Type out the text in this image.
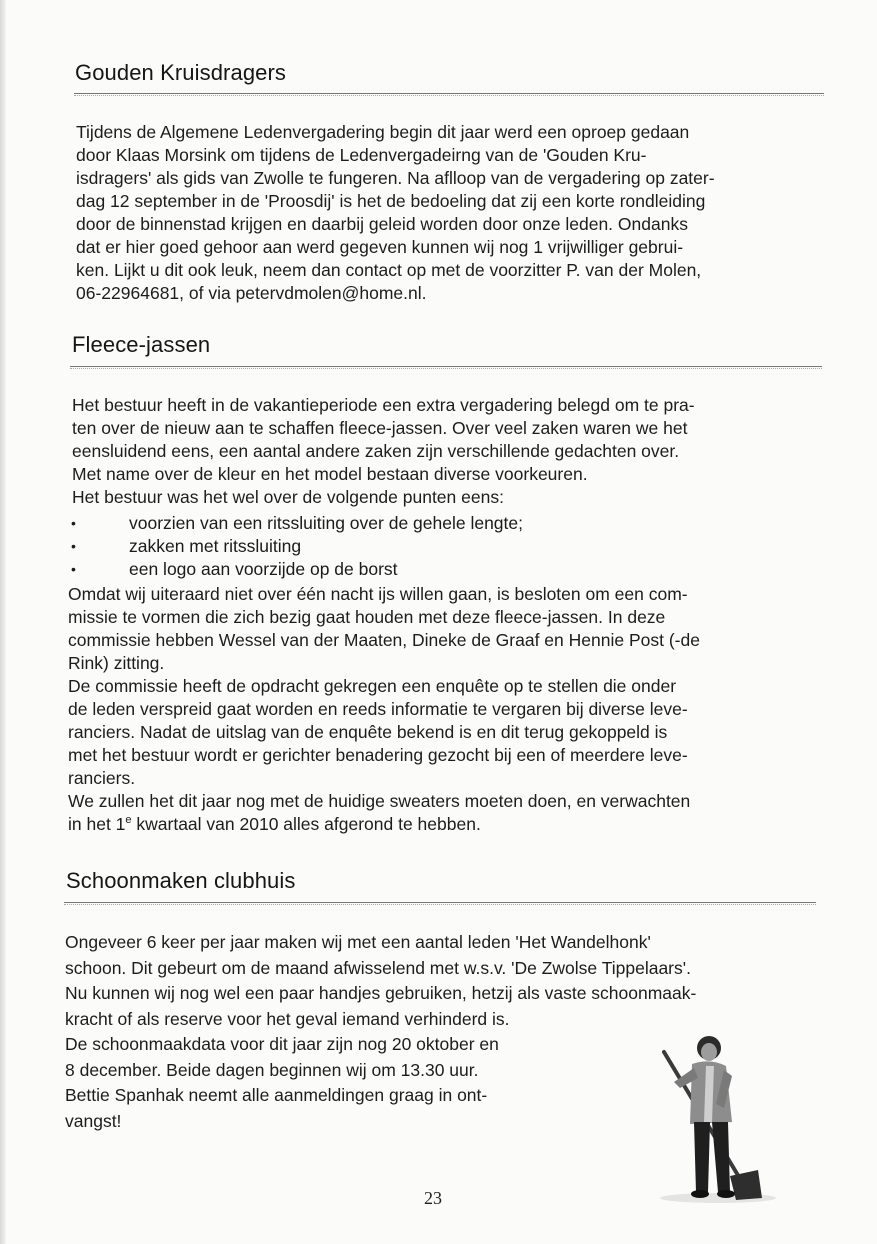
Gouden Kruisdragers
Tijdens de Algemene Ledenvergadering begin dit jaar werd een oproep gedaan
door Klaas Morsink om tijdens de Ledenvergadeirng van de 'Gouden Kru-
isdragers' als gids van Zwolle te fungeren. Na aflloop van de vergadering op zater-
dag 12 september in de 'Proosdij' is het de bedoeling dat zij een korte rondleiding
door de binnenstad krijgen en daarbij geleid worden door onze leden. Ondanks
dat er hier goed gehoor aan werd gegeven kunnen wij nog 1 vrijwilliger gebrui-
ken. Lijkt u dit ook leuk, neem dan contact op met de voorzitter P. van der Molen,
06-22964681, of via petervdmolen@home.nl.
Fleece-jassen
Het bestuur heeft in de vakantieperiode een extra vergadering belegd om te pra-
ten over de nieuw aan te schaffen fleece-jassen. Over veel zaken waren we het
eensluidend eens, een aantal andere zaken zijn verschillende gedachten over.
Met name over de kleur en het model bestaan diverse voorkeuren.
Het bestuur was het wel over de volgende punten eens:
•	voorzien van een ritssluiting over de gehele lengte;
•	zakken met ritssluiting
•	een logo aan voorzijde op de borst
Omdat wij uiteraard niet over één nacht ijs willen gaan, is besloten om een com-
missie te vormen die zich bezig gaat houden met deze fleece-jassen. In deze
commissie hebben Wessel van der Maaten, Dineke de Graaf en Hennie Post (-de
Rink) zitting.
De commissie heeft de opdracht gekregen een enquête op te stellen die onder
de leden verspreid gaat worden en reeds informatie te vergaren bij diverse leve-
ranciers. Nadat de uitslag van de enquête bekend is en dit terug gekoppeld is
met het bestuur wordt er gerichter benadering gezocht bij een of meerdere leve-
ranciers.
We zullen het dit jaar nog met de huidige sweaters moeten doen, en verwachten
in het 1e kwartaal van 2010 alles afgerond te hebben.
Schoonmaken clubhuis
Ongeveer 6 keer per jaar maken wij met een aantal leden 'Het Wandelhonk'
schoon. Dit gebeurt om de maand afwisselend met w.s.v. 'De Zwolse Tippelaars'.
Nu kunnen wij nog wel een paar handjes gebruiken, hetzij als vaste schoonmaak-
kracht of als reserve voor het geval iemand verhinderd is.
De schoonmaakdata voor dit jaar zijn nog 20 oktober en
8 december. Beide dagen beginnen wij om 13.30 uur.
Bettie Spanhak neemt alle aanmeldingen graag in ont-
vangst!
23
